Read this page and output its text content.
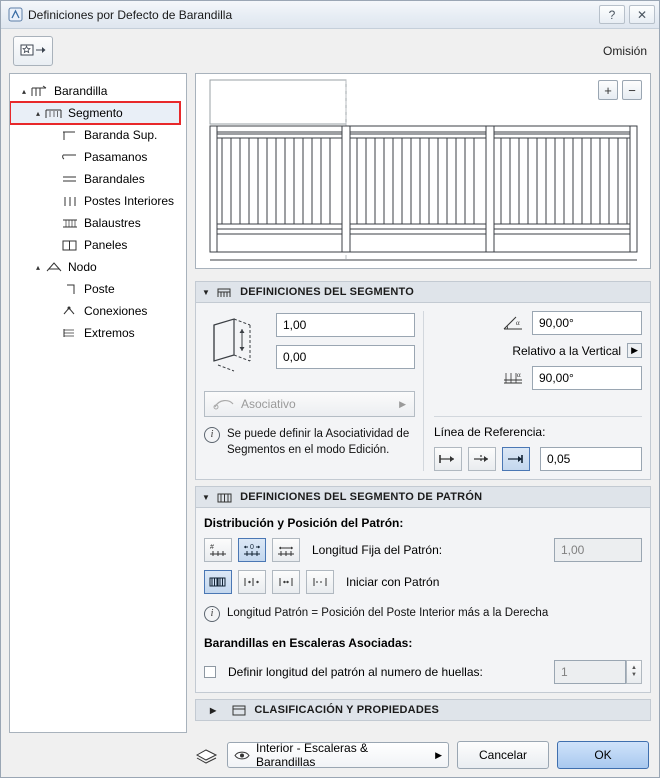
Definiciones por Defecto de Barandilla	?	✕
Omisión
▴	Barandilla
▴	Segmento
Baranda Sup.
Pasamanos
Barandales
Postes Interiores
Balaustres
Paneles
▴	Nodo
Poste
Conexiones
Extremos
+	−
▼	DEFINICIONES DEL SEGMENTO
1,00
0,00
Asociativo	▶
i	Se puede definir la Asociatividad de Segmentos en el modo Edición.
α	90,00°
Relativo a la Vertical	▶
α	90,00°
Línea de Referencia:
0,05
▼	DEFINICIONES DEL SEGMENTO DE PATRÓN
Distribución y Posición del Patrón:
#	0	Longitud Fija del Patrón:	1,00
Iniciar con Patrón
i	Longitud Patrón = Posición del Poste Interior más a la Derecha
Barandillas en Escaleras Asociadas:
Definir longitud del patrón al numero de huellas:	1	▲
▼
▶	CLASIFICACIÓN Y PROPIEDADES
Interior - Escaleras & Barandillas
▶	Cancelar	OK
